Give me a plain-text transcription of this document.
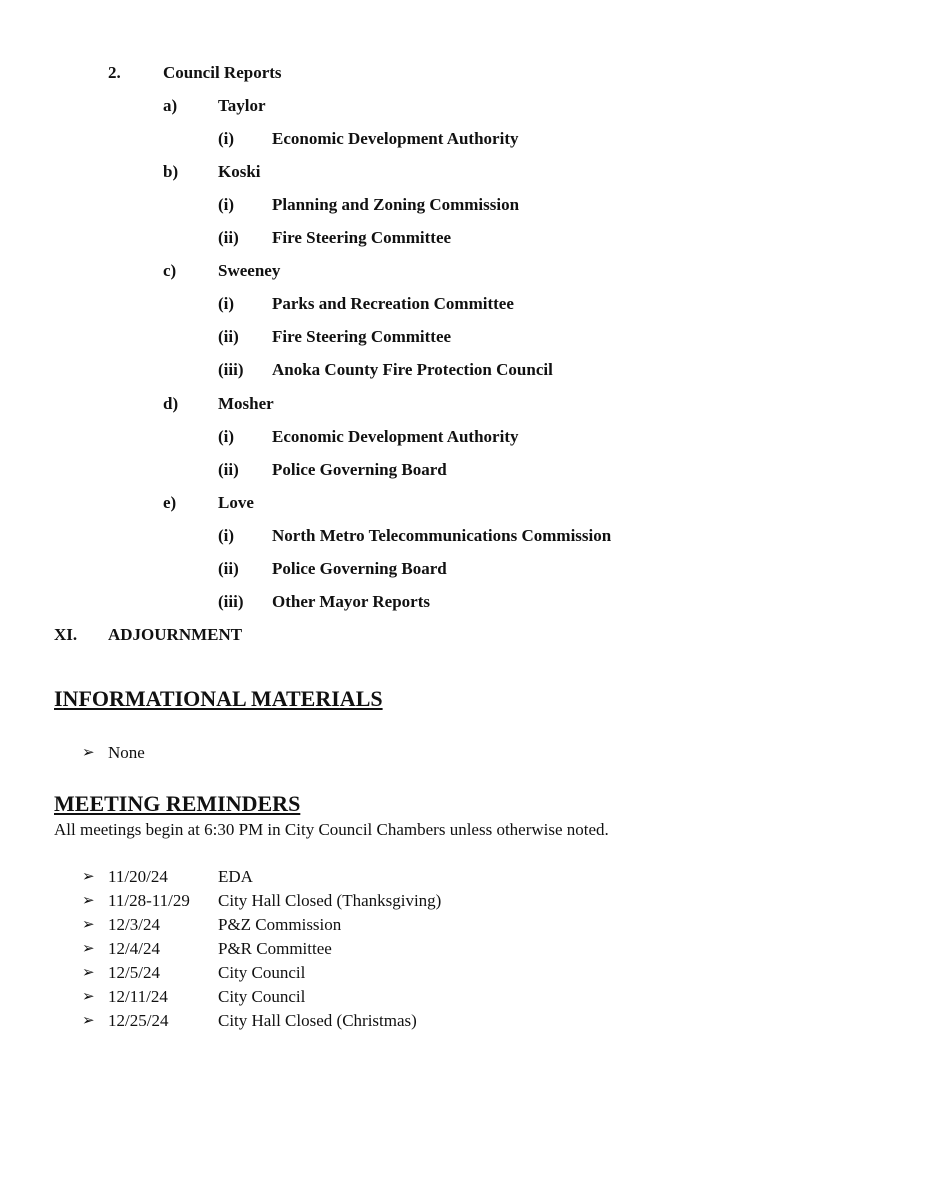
2. Council Reports
a) Taylor
(i) Economic Development Authority
b) Koski
(i) Planning and Zoning Commission
(ii) Fire Steering Committee
c) Sweeney
(i) Parks and Recreation Committee
(ii) Fire Steering Committee
(iii) Anoka County Fire Protection Council
d) Mosher
(i) Economic Development Authority
(ii) Police Governing Board
e) Love
(i) North Metro Telecommunications Commission
(ii) Police Governing Board
(iii) Other Mayor Reports
XI. ADJOURNMENT
INFORMATIONAL MATERIALS
➢ None
MEETING REMINDERS
All meetings begin at 6:30 PM in City Council Chambers unless otherwise noted.
➢ 11/20/24	EDA
➢ 11/28-11/29 City Hall Closed (Thanksgiving)
➢ 12/3/24	P&Z Commission
➢ 12/4/24	P&R Committee
➢ 12/5/24	City Council
➢ 12/11/24	City Council
➢ 12/25/24	City Hall Closed (Christmas)
